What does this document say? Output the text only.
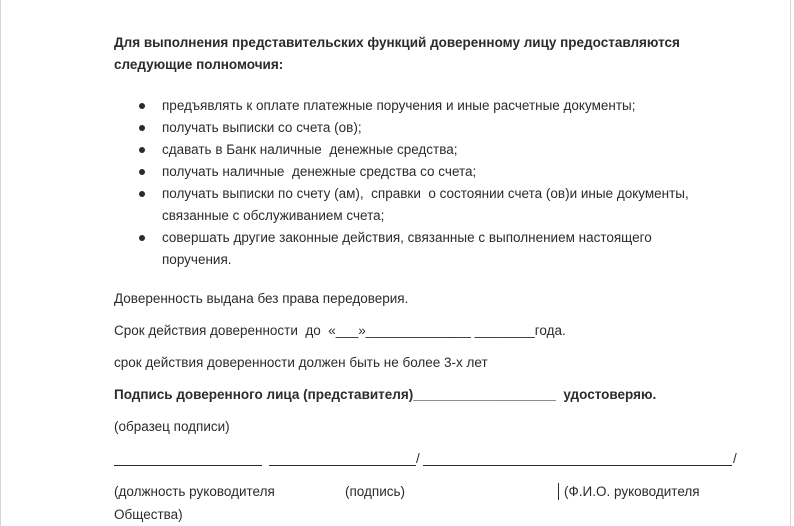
Для выполнения представительских функций доверенному лицу предоставляются
следующие полномочия:
предъявлять к оплате платежные поручения и иные расчетные документы;
получать выписки со счета (ов);
сдавать в Банк наличные  денежные средства;
получать наличные  денежные средства со счета;
получать выписки по счету (ам),  справки  о состоянии счета (ов)и иные документы,
связанные с обслуживанием счета;
совершать другие законные действия, связанные с выполнением настоящего
поручения.
Доверенность выдана без права передоверия.
Срок действия доверенности  до  «___»______________ ________года.
срок действия доверенности должен быть не более 3-х лет
Подпись доверенного лица (представителя)___________________  удостоверяю.
(образец подписи)
/	/
(должность руководителя	(подпись)	(Ф.И.О. руководителя
Общества)
